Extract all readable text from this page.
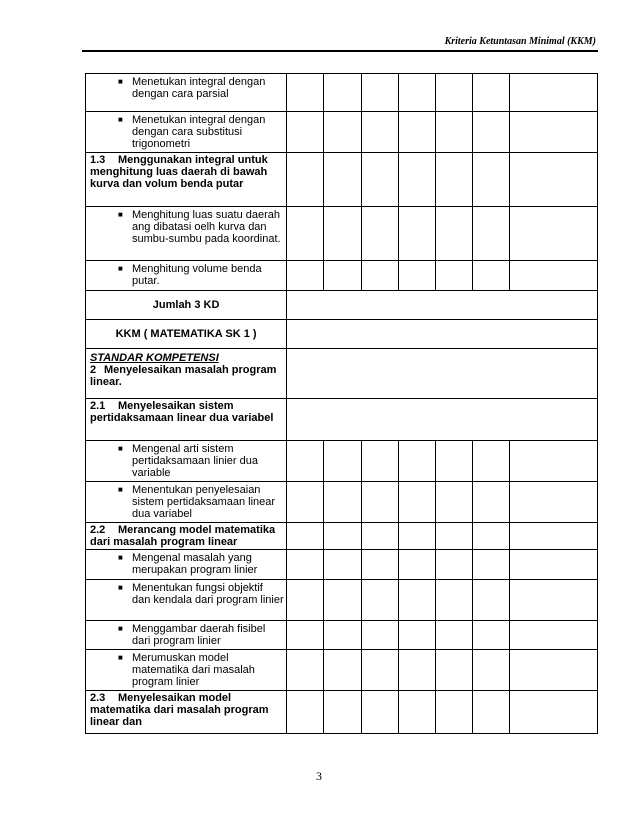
Kriteria Ketuntasan Minimal (KKM)
■ Menetukan integral dengan dengan cara parsial							

■ Menetukan integral dengan dengan cara substitusi trigonometri							

1.3 Menggunakan integral untuk menghitung luas daerah di bawah kurva dan volum benda putar							

■ Menghitung luas suatu daerah ang dibatasi oelh kurva dan sumbu-sumbu pada koordinat.							

■ Menghitung volume benda putar.							

Jumlah 3 KD							
KKM ( MATEMATIKA SK 1 )							

STANDAR KOMPETENSI
2 Menyelesaikan masalah program linear.							

2.1 Menyelesaikan sistem pertidaksamaan linear dua variabel							

■ Mengenal arti sistem pertidaksamaan linier dua variable							

■ Menentukan penyelesaian sistem pertidaksamaan linear dua variabel							

2.2 Merancang model matematika dari masalah program linear							

■ Mengenal masalah yang merupakan program linier							

■ Menentukan fungsi objektif dan kendala dari program linier							

■ Menggambar daerah fisibel dari program linier							

■ Merumuskan model matematika dari masalah program linier							

2.3 Menyelesaikan model matematika dari masalah program linear dan							

3
